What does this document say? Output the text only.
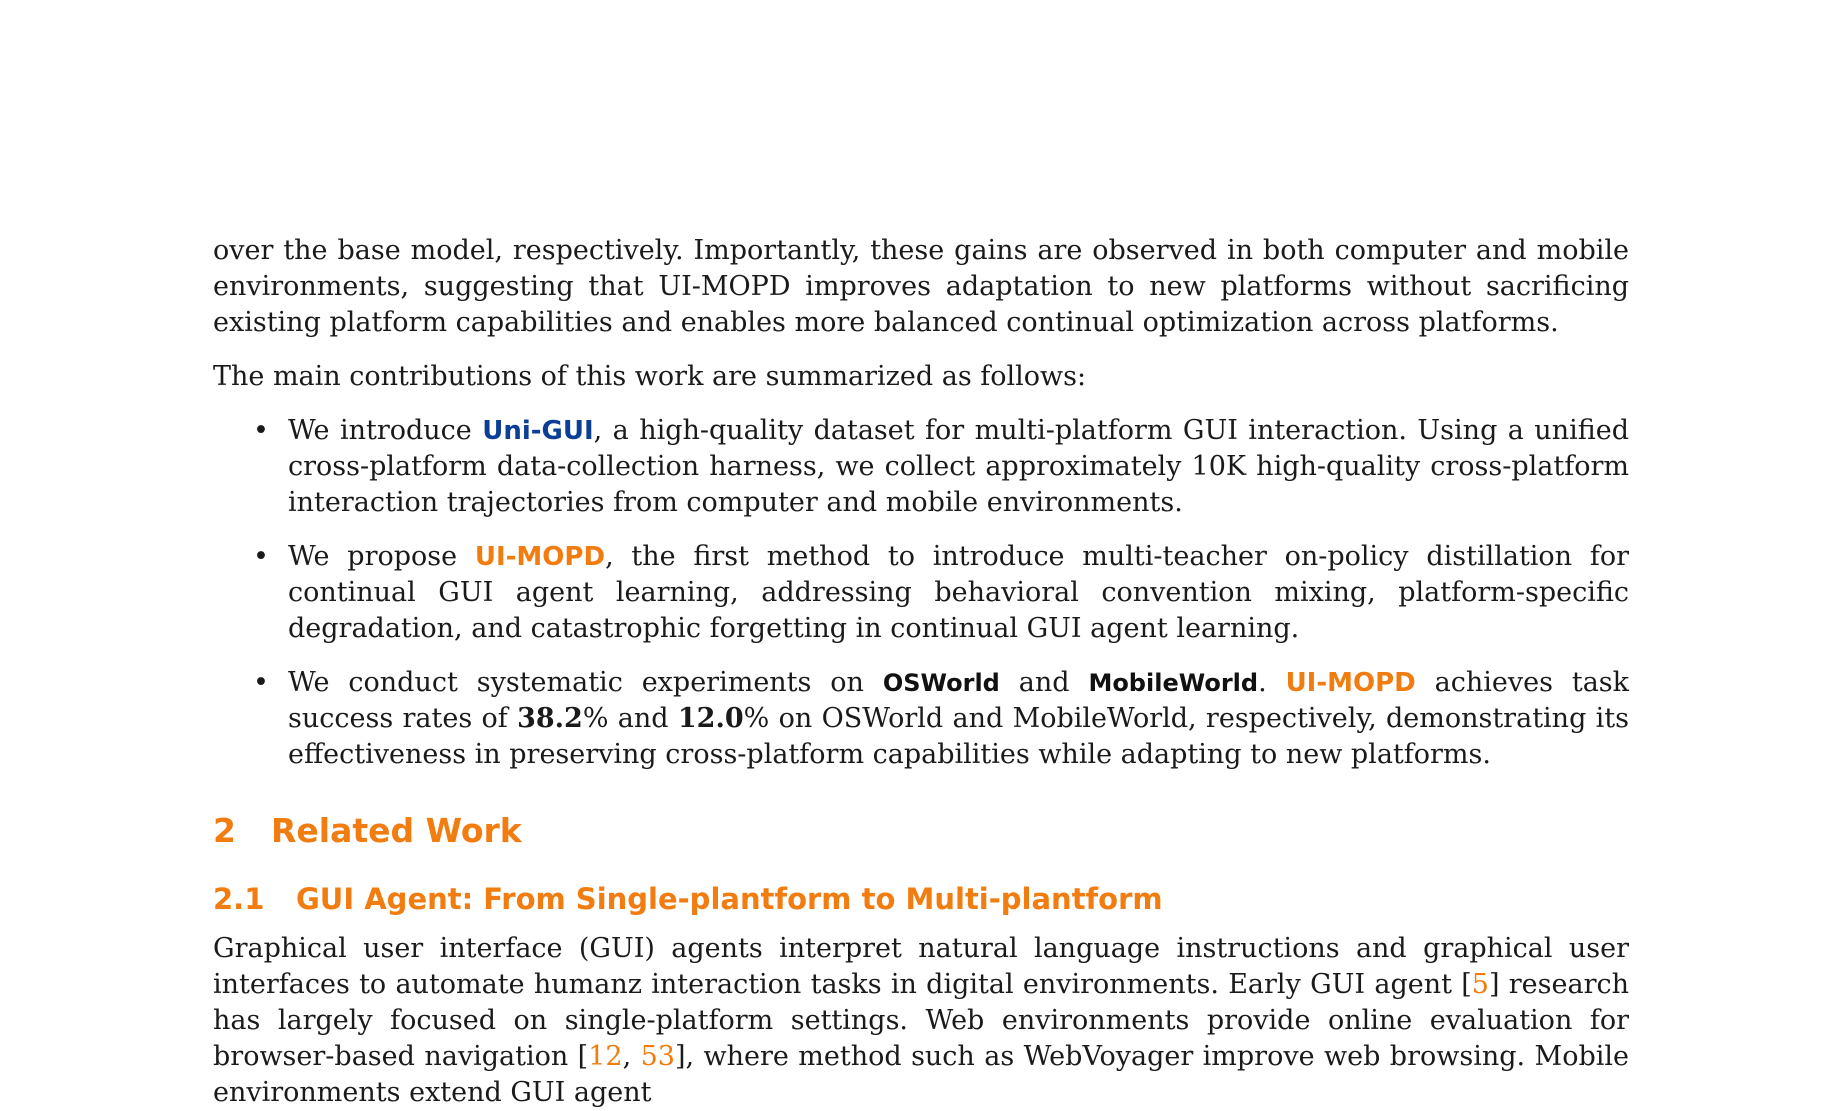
over the base model, respectively. Importantly, these gains are observed in both computer and mobile environments, suggesting that UI-MOPD improves adaptation to new platforms without sacrificing existing platform capabilities and enables more balanced continual optimization across platforms.

The main contributions of this work are summarized as follows:

• We introduce Uni-GUI, a high-quality dataset for multi-platform GUI interaction. Using a unified cross-platform data-collection harness, we collect approximately 10K high-quality cross-platform interaction trajectories from computer and mobile environments.
• We propose UI-MOPD, the first method to introduce multi-teacher on-policy distillation for continual GUI agent learning, addressing behavioral convention mixing, platform-specific degradation, and catastrophic forgetting in continual GUI agent learning.
• We conduct systematic experiments on OSWorld and MobileWorld. UI-MOPD achieves task success rates of 38.2% and 12.0% on OSWorld and MobileWorld, respectively, demonstrating its effectiveness in preserving cross-platform capabilities while adapting to new platforms.
2	Related Work
2.1	GUI Agent: From Single-plantform to Multi-plantform

Graphical user interface (GUI) agents interpret natural language instructions and graphical user interfaces to automate humanz interaction tasks in digital environments. Early GUI agent [5] research has largely focused on single-platform settings. Web environments provide online evaluation for browser-based navigation [12, 53], where method such as WebVoyager improve web browsing. Mobile environments extend GUI agent
